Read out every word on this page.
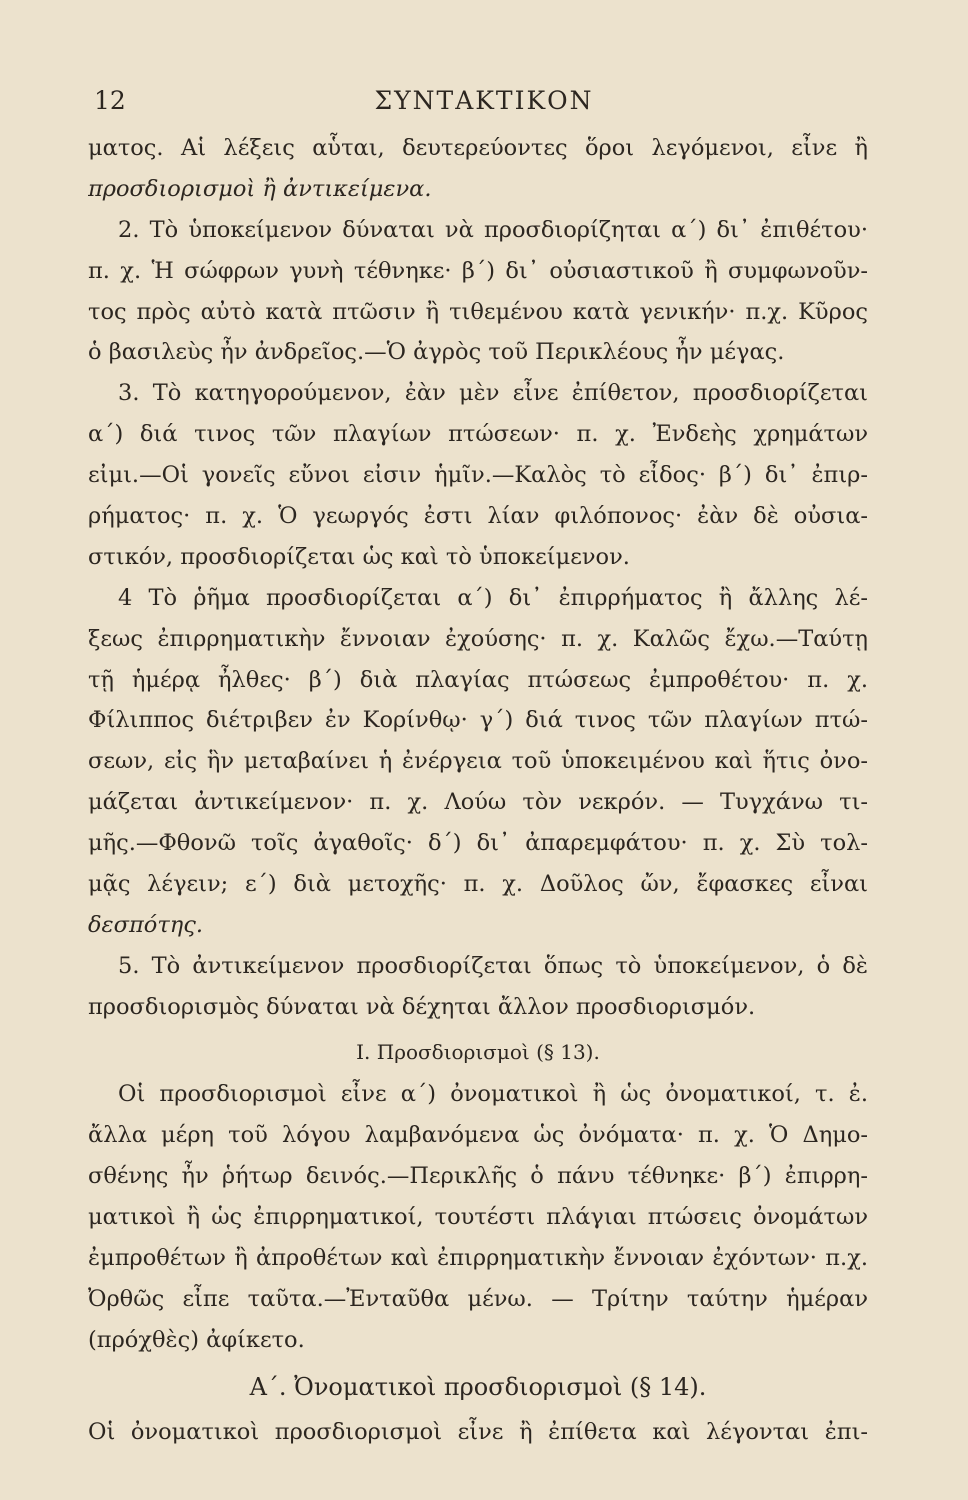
12	ΣΥΝΤΑΚΤΙΚΟΝ
ματος. Αἱ λέξεις αὗται, δευτερεύοντες ὅροι λεγόμενοι, εἶνε ἢ
προσδιορισμοὶ ἢ ἀντικείμενα.
2. Τὸ ὑποκείμενον δύναται νὰ προσδιορίζηται α΄) δι᾽ ἐπιθέτου·
π. χ. Ἡ σώφρων γυνὴ τέθνηκε· β΄) δι᾽ οὐσιαστικοῦ ἢ συμφωνοῦν-
τος πρὸς αὐτὸ κατὰ πτῶσιν ἢ τιθεμένου κατὰ γενικήν· π.χ. Κῦρος
ὁ βασιλεὺς ἦν ἀνδρεῖος.—Ὁ ἀγρὸς τοῦ Περικλέους ἦν μέγας.
3. Τὸ κατηγορούμενον, ἐὰν μὲν εἶνε ἐπίθετον, προσδιορίζεται
α΄) διά τινος τῶν πλαγίων πτώσεων· π. χ. Ἐνδεὴς χρημάτων
εἰμι.—Οἱ γονεῖς εὔνοι εἰσιν ἡμῖν.—Καλὸς τὸ εἶδος· β΄) δι᾽ ἐπιρ-
ρήματος· π. χ. Ὁ γεωργός ἐστι λίαν φιλόπονος· ἐὰν δὲ οὐσια-
στικόν, προσδιορίζεται ὡς καὶ τὸ ὑποκείμενον.
4 Τὸ ῥῆμα προσδιορίζεται α΄) δι᾽ ἐπιρρήματος ἢ ἄλλης λέ-
ξεως ἐπιρρηματικὴν ἔννοιαν ἐχούσης· π. χ. Καλῶς ἔχω.—Ταύτῃ
τῇ ἡμέρᾳ ἦλθες· β΄) διὰ πλαγίας πτώσεως ἐμπροθέτου· π. χ.
Φίλιππος διέτριβεν ἐν Κορίνθῳ· γ΄) διά τινος τῶν πλαγίων πτώ-
σεων, εἰς ἣν μεταβαίνει ἡ ἐνέργεια τοῦ ὑποκειμένου καὶ ἥτις ὀνο-
μάζεται ἀντικείμενον· π. χ. Λούω τὸν νεκρόν. — Τυγχάνω τι-
μῆς.—Φθονῶ τοῖς ἀγαθοῖς· δ΄) δι᾽ ἀπαρεμφάτου· π. χ. Σὺ τολ-
μᾷς λέγειν; ε΄) διὰ μετοχῆς· π. χ. Δοῦλος ὤν, ἔφασκες εἶναι
δεσπότης.
5. Τὸ ἀντικείμενον προσδιορίζεται ὅπως τὸ ὑποκείμενον, ὁ δὲ
προσδιορισμὸς δύναται νὰ δέχηται ἄλλον προσδιορισμόν.
Ι. Προσδιορισμοὶ (§ 13).
Οἱ προσδιορισμοὶ εἶνε α΄) ὀνοματικοὶ ἢ ὡς ὀνοματικοί, τ. ἐ.
ἄλλα μέρη τοῦ λόγου λαμβανόμενα ὡς ὀνόματα· π. χ. Ὁ Δημο-
σθένης ἦν ῥήτωρ δεινός.—Περικλῆς ὁ πάνυ τέθνηκε· β΄) ἐπιρρη-
ματικοὶ ἢ ὡς ἐπιρρηματικοί, τουτέστι πλάγιαι πτώσεις ὀνομάτων
ἐμπροθέτων ἢ ἀπροθέτων καὶ ἐπιρρηματικὴν ἔννοιαν ἐχόντων· π.χ.
Ὀρθῶς εἶπε ταῦτα.—Ἐνταῦθα μένω. — Τρίτην ταύτην ἡμέραν
(πρόχθὲς) ἀφίκετο.
Α΄. Ὀνοματικοὶ προσδιορισμοὶ (§ 14).
Οἱ ὀνοματικοὶ προσδιορισμοὶ εἶνε ἢ ἐπίθετα καὶ λέγονται ἐπι-
